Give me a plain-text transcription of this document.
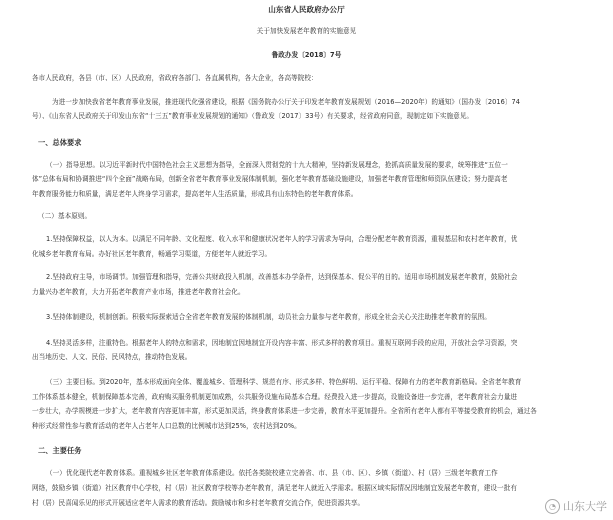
山东省人民政府办公厅
关于加快发展老年教育的实施意见
鲁政办发〔2018〕7号
各市人民政府，各县（市、区）人民政府，省政府各部门、各直属机构，各大企业，各高等院校：
为进一步加快我省老年教育事业发展，推进现代化强省建设，根据《国务院办公厅关于印发老年教育发展规划（2016—2020年）的通知》（国办发〔2016〕74
号）、《山东省人民政府关于印发山东省“十三五”教育事业发展规划的通知》（鲁政发〔2017〕33号）有关要求，经省政府同意，现制定如下实施意见。
一、总体要求
（一）指导思想。以习近平新时代中国特色社会主义思想为指导，全面深入贯彻党的十九大精神，坚持新发展理念，抢抓高质量发展的要求，统筹推进“五位一
体”总体布局和协调推进“四个全面”战略布局，创新全省老年教育事业发展体制机制，强化老年教育基础设施建设，加强老年教育管理和师资队伍建设；努力提高老
年教育服务能力和质量，满足老年人终身学习需求，提高老年人生活质量，形成具有山东特色的老年教育体系。
（二）基本原则。
1.坚持保障权益，以人为本。以满足不同年龄、文化程度、收入水平和健康状况老年人的学习需求为导向，合理分配老年教育资源，重视基层和农村老年教育，优
化城乡老年教育布局。办好社区老年教育，畅通学习渠道，方便老年人就近学习。
2.坚持政府主导，市场调节。加强管理和指导，完善公共财政投入机制，改善基本办学条件，达到保基本、促公平的目的。适用市场机制发展老年教育，鼓励社会
力量兴办老年教育，大力开拓老年教育产业市场，推进老年教育社会化。
3.坚持体制建设，机制创新。积极实际探索适合全省老年教育发展的体制机制，动员社会力量参与老年教育，形成全社会关心关注助推老年教育的氛围。
4.坚持灵活多样，注重特色。根据老年人的特点和需求，因地制宜因地制宜开设内容丰富、形式多样的教育项目。重视互联网手段的应用，开放社会学习资源，突
出当地历史、人文、民俗、民风特点，推动特色发展。
（三）主要目标。到2020年，基本形成面向全体、覆盖城乡、管理科学、规范有序、形式多样、特色鲜明、运行平稳、保障有力的老年教育新格局。全省老年教育
工作体系基本健全，机制保障基本完善，政府购买服务机制更加成熟，公共服务设施布局基本合理。经费投入进一步提高，设施设备进一步完善，老年教育社会力量进
一步壮大，办学规模进一步扩大，老年教育内容更加丰富，形式更加灵活，终身教育体系进一步完善，教育水平更加提升。全省所有老年人都有平等接受教育的机会，通过各
种形式经常性参与教育活动的老年人占老年人口总数的比例城市达到25%，农村达到20%。
二、主要任务
（一）优化现代老年教育体系。重视城乡社区老年教育体系建设。依托各类院校建立完善省、市、县（市、区）、乡镇（街道）、村（居）三级老年教育工作
网络，鼓励乡镇（街道）社区教育中心学校，村（居）社区教育学校等办老年教育，满足老年人就近入学需求。根据区域实际情况因地制宜发展老年教育，建设一批有
村（居）民喜闻乐见的形式开展适应老年人需求的教育活动。鼓励城市和乡村老年教育交流合作，促进资源共享。	◔ 山东大学
